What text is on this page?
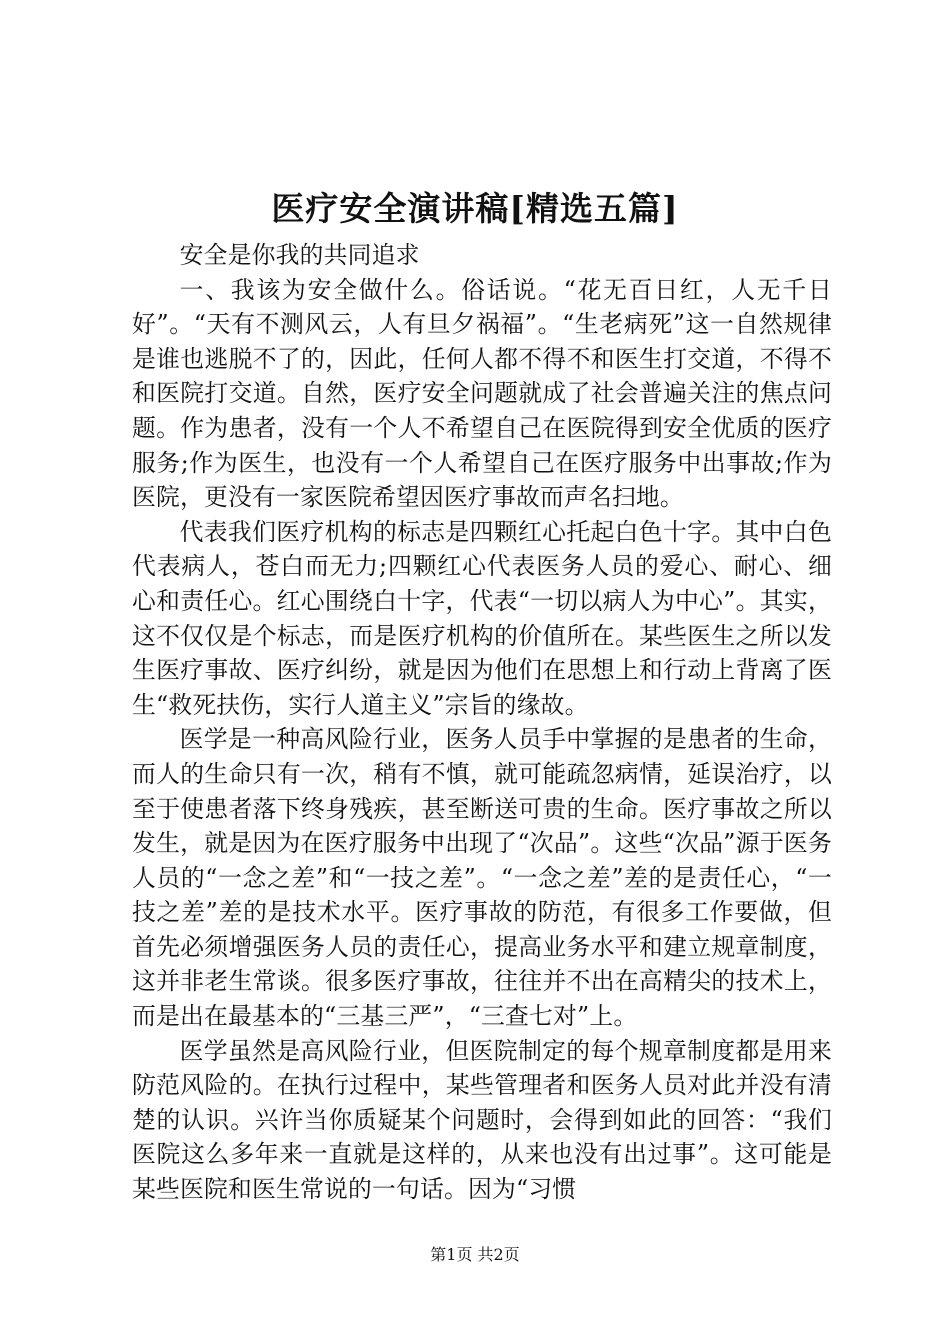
医疗安全演讲稿[精选五篇]

安全是你我的共同追求

一、我该为安全做什么。俗话说。“花无百日红，人无千日好”。“天有不测风云，人有旦夕祸福”。“生老病死”这一自然规律是谁也逃脱不了的，因此，任何人都不得不和医生打交道，不得不和医院打交道。自然，医疗安全问题就成了社会普遍关注的焦点问题。作为患者，没有一个人不希望自己在医院得到安全优质的医疗服务;作为医生，也没有一个人希望自己在医疗服务中出事故;作为医院，更没有一家医院希望因医疗事故而声名扫地。

代表我们医疗机构的标志是四颗红心托起白色十字。其中白色代表病人，苍白而无力;四颗红心代表医务人员的爱心、耐心、细心和责任心。红心围绕白十字，代表“一切以病人为中心”。其实，这不仅仅是个标志，而是医疗机构的价值所在。某些医生之所以发生医疗事故、医疗纠纷，就是因为他们在思想上和行动上背离了医生“救死扶伤，实行人道主义”宗旨的缘故。

医学是一种高风险行业，医务人员手中掌握的是患者的生命，而人的生命只有一次，稍有不慎，就可能疏忽病情，延误治疗，以至于使患者落下终身残疾，甚至断送可贵的生命。医疗事故之所以发生，就是因为在医疗服务中出现了“次品”。这些“次品”源于医务人员的“一念之差”和“一技之差”。“一念之差”差的是责任心，“一技之差”差的是技术水平。医疗事故的防范，有很多工作要做，但首先必须增强医务人员的责任心，提高业务水平和建立规章制度，这并非老生常谈。很多医疗事故，往往并不出在高精尖的技术上，而是出在最基本的“三基三严”，“三查七对”上。

医学虽然是高风险行业，但医院制定的每个规章制度都是用来防范风险的。在执行过程中，某些管理者和医务人员对此并没有清楚的认识。兴许当你质疑某个问题时，会得到如此的回答：“我们医院这么多年来一直就是这样的，从来也没有出过事”。这可能是某些医院和医生常说的一句话。因为“习惯

第1页 共2页
